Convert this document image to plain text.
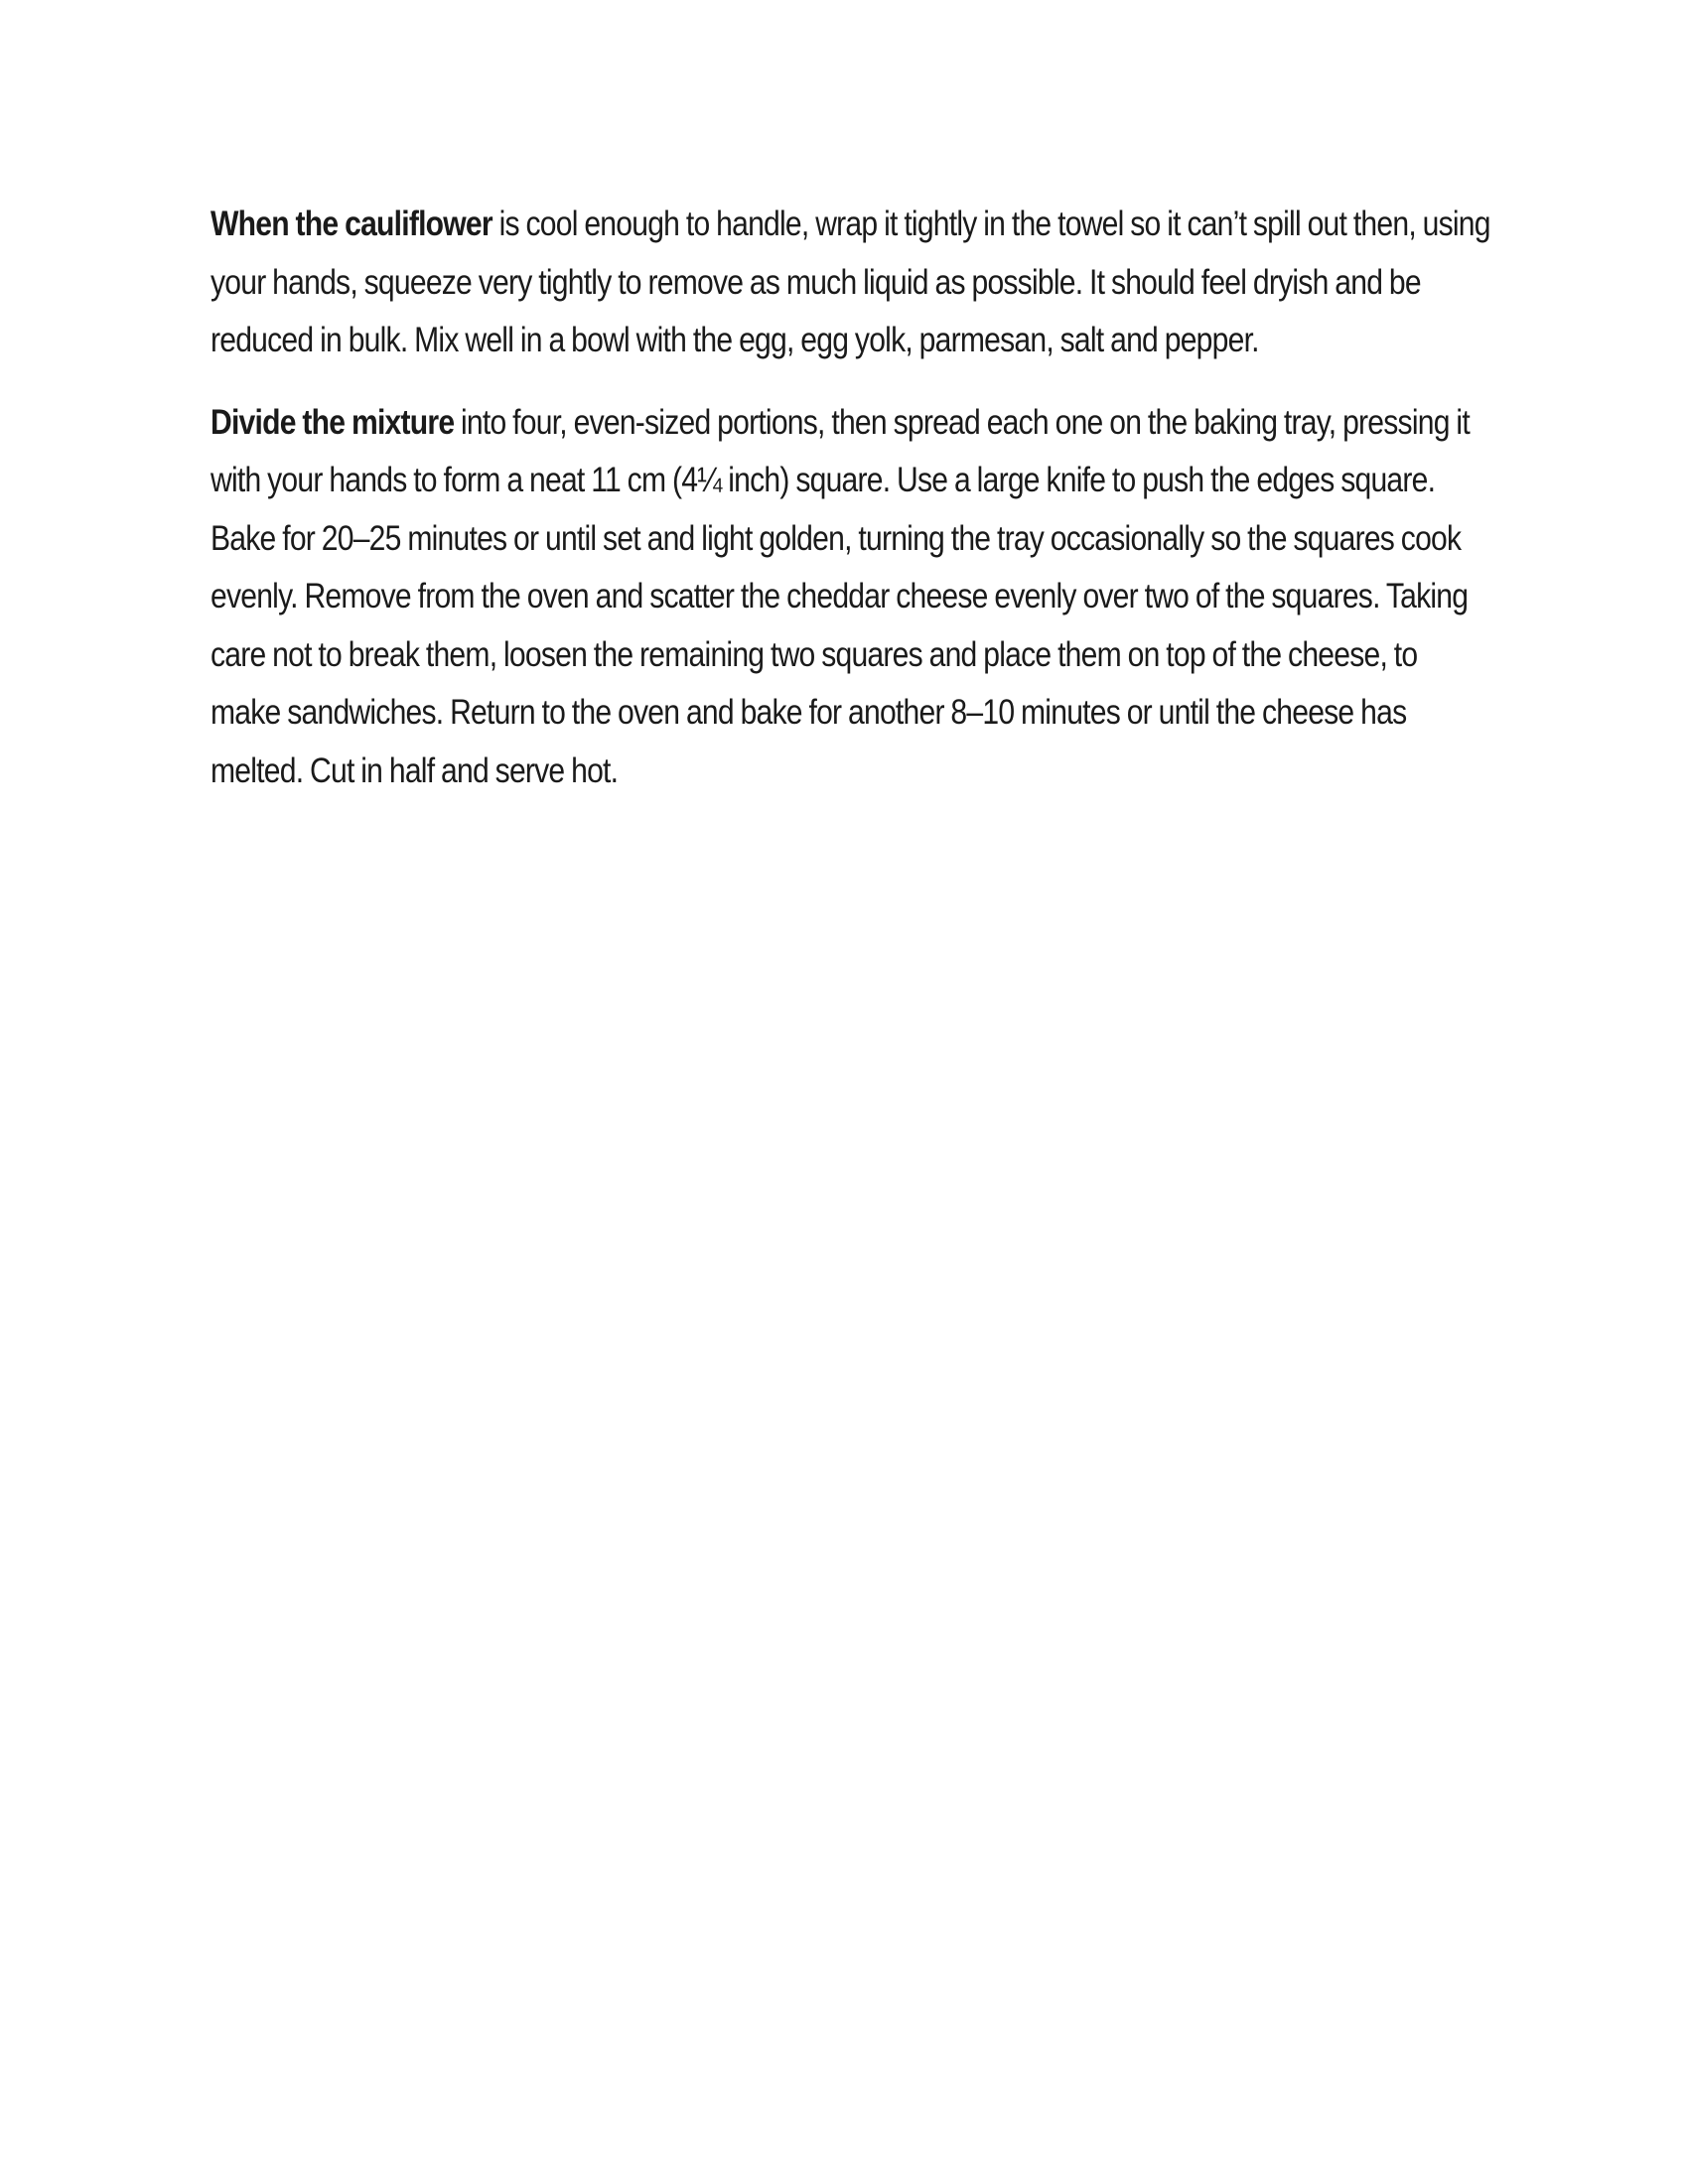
When the cauliflower is cool enough to handle, wrap it tightly in the towel so it can’t spill out then, using your hands, squeeze very tightly to remove as much liquid as possible. It should feel dryish and be reduced in bulk. Mix well in a bowl with the egg, egg yolk, parmesan, salt and pepper.

Divide the mixture into four, even-sized portions, then spread each one on the baking tray, pressing it with your hands to form a neat 11 cm (4¼ inch) square. Use a large knife to push the edges square. Bake for 20–25 minutes or until set and light golden, turning the tray occasionally so the squares cook evenly. Remove from the oven and scatter the cheddar cheese evenly over two of the squares. Taking care not to break them, loosen the remaining two squares and place them on top of the cheese, to make sandwiches. Return to the oven and bake for another 8–10 minutes or until the cheese has melted. Cut in half and serve hot.
